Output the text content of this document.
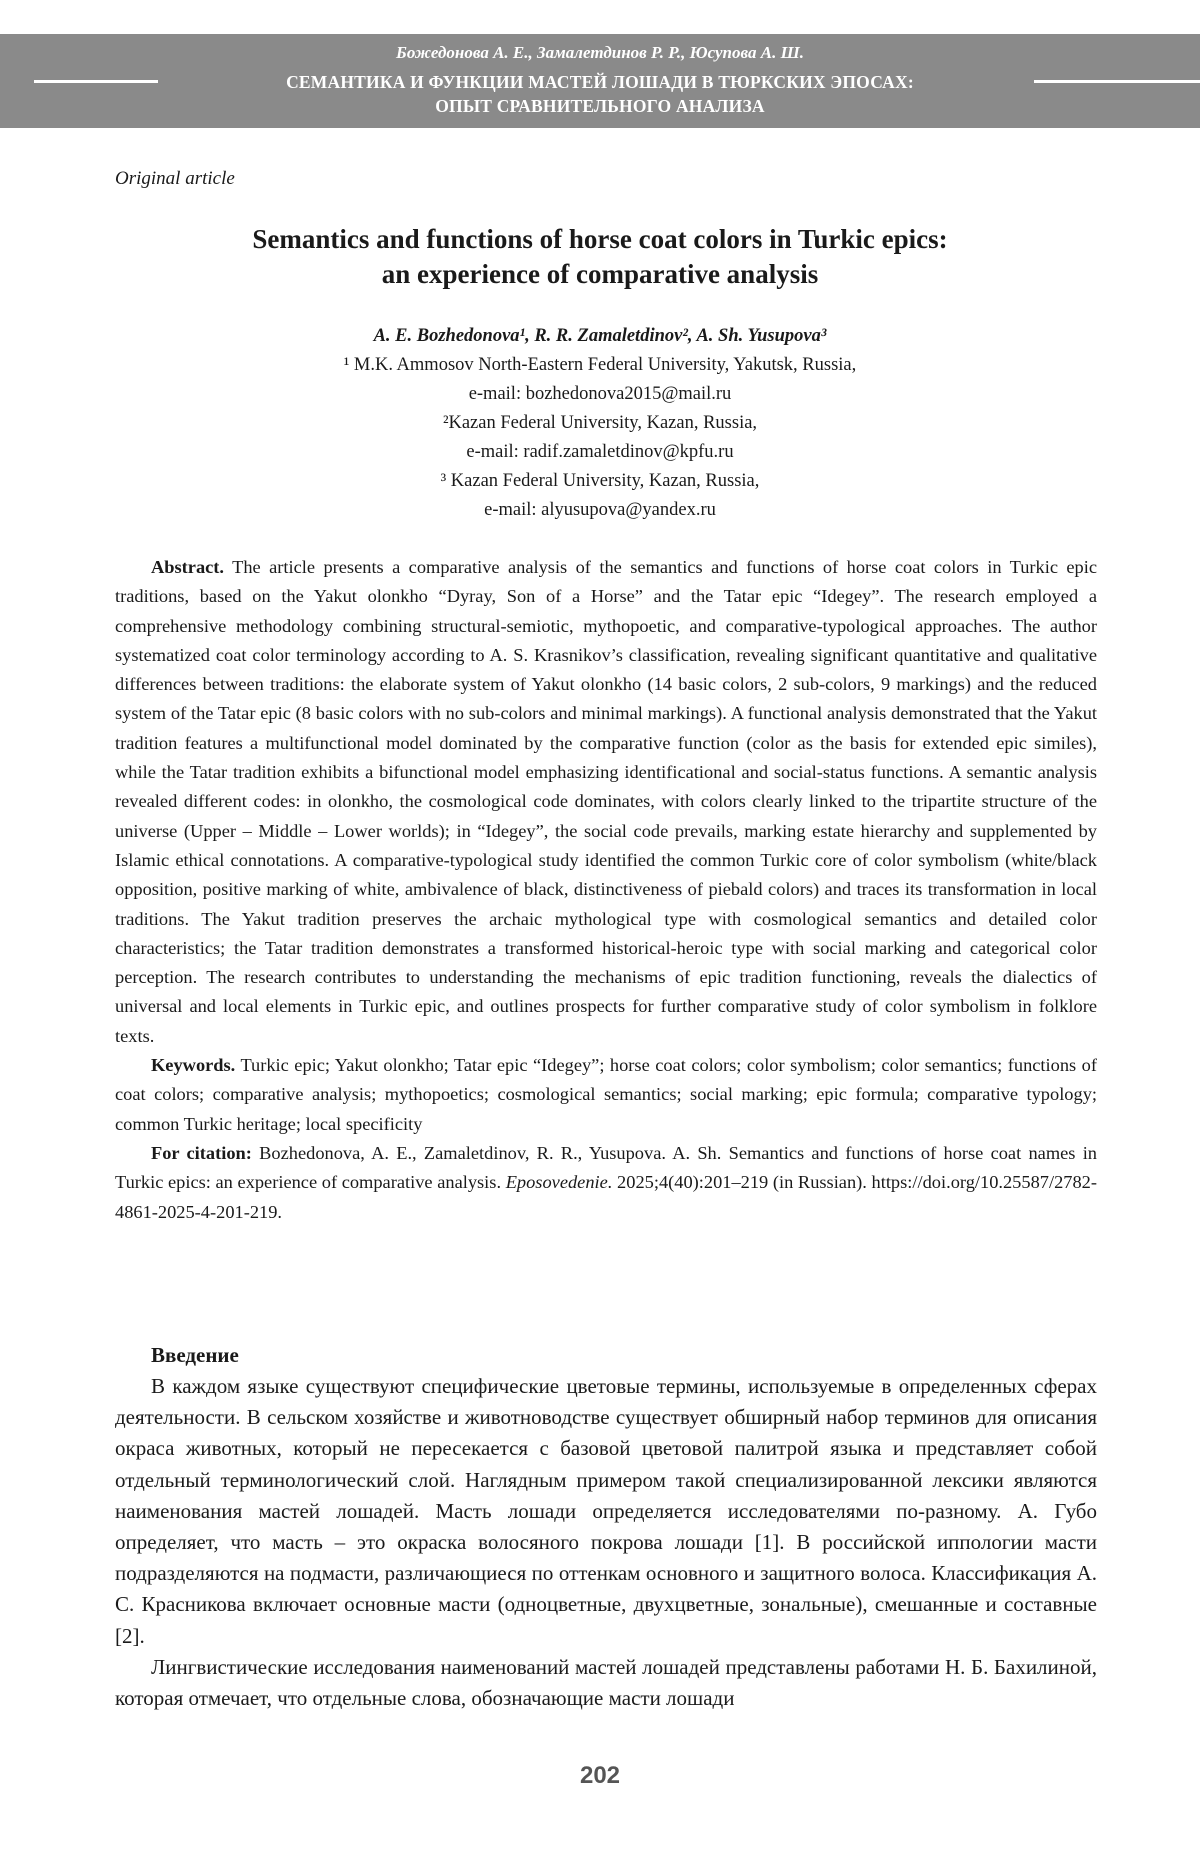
Божедонова А. Е., Замалетдинов Р. Р., Юсупова А. Ш.
СЕМАНТИКА И ФУНКЦИИ МАСТЕЙ ЛОШАДИ В ТЮРКСКИХ ЭПОСАХ:
ОПЫТ СРАВНИТЕЛЬНОГО АНАЛИЗА
Original article
Semantics and functions of horse coat colors in Turkic epics:
an experience of comparative analysis

A. E. Bozhedonova¹, R. R. Zamaletdinov², A. Sh. Yusupova³

¹ M.K. Ammosov North-Eastern Federal University, Yakutsk, Russia,

e-mail: bozhedonova2015@mail.ru

²Kazan Federal University, Kazan, Russia,

e-mail: radif.zamaletdinov@kpfu.ru

³ Kazan Federal University, Kazan, Russia,

e-mail: alyusupova@yandex.ru

Abstract. The article presents a comparative analysis of the semantics and functions of horse coat colors in Turkic epic traditions, based on the Yakut olonkho “Dyray, Son of a Horse” and the Tatar epic “Idegey”. The research employed a comprehensive methodology combining structural-semiotic, mythopoetic, and comparative-typological approaches. The author systematized coat color terminology according to A. S. Krasnikov’s classification, revealing significant quantitative and qualitative differences between traditions: the elaborate system of Yakut olonkho (14 basic colors, 2 sub-colors, 9 markings) and the reduced system of the Tatar epic (8 basic colors with no sub-colors and minimal markings). A functional analysis demonstrated that the Yakut tradition features a multifunctional model dominated by the comparative function (color as the basis for extended epic similes), while the Tatar tradition exhibits a bifunctional model emphasizing identificational and social-status functions. A semantic analysis revealed different codes: in olonkho, the cosmological code dominates, with colors clearly linked to the tripartite structure of the universe (Upper – Middle – Lower worlds); in “Idegey”, the social code prevails, marking estate hierarchy and supplemented by Islamic ethical connotations. A comparative-typological study identified the common Turkic core of color symbolism (white/black opposition, positive marking of white, ambivalence of black, distinctiveness of piebald colors) and traces its transformation in local traditions. The Yakut tradition preserves the archaic mythological type with cosmological semantics and detailed color characteristics; the Tatar tradition demonstrates a transformed historical-heroic type with social marking and categorical color perception. The research contributes to understanding the mechanisms of epic tradition functioning, reveals the dialectics of universal and local elements in Turkic epic, and outlines prospects for further comparative study of color symbolism in folklore texts.

Keywords. Turkic epic; Yakut olonkho; Tatar epic “Idegey”; horse coat colors; color symbolism; color semantics; functions of coat colors; comparative analysis; mythopoetics; cosmological semantics; social marking; epic formula; comparative typology; common Turkic heritage; local specificity

For citation: Bozhedonova, A. E., Zamaletdinov, R. R., Yusupova. A. Sh. Semantics and functions of horse coat names in Turkic epics: an experience of comparative analysis. Eposovedenie. 2025;4(40):201–219 (in Russian). https://doi.org/10.25587/2782-4861-2025-4-201-219.

Введение

В каждом языке существуют специфические цветовые термины, используемые в определенных сферах деятельности. В сельском хозяйстве и животноводстве существует обширный набор терминов для описания окраса животных, который не пересекается с базовой цветовой палитрой языка и представляет собой отдельный терминологический слой. Наглядным примером такой специализированной лексики являются наименования мастей лошадей. Масть лошади определяется исследователями по-разному. А. Губо определяет, что масть – это окраска волосяного покрова лошади [1]. В российской иппологии масти подразделяются на подмасти, различающиеся по оттенкам основного и защитного волоса. Классификация А. С. Красникова включает основные масти (одноцветные, двухцветные, зональные), смешанные и составные [2].

Лингвистические исследования наименований мастей лошадей представлены работами Н. Б. Бахилиной, которая отмечает, что отдельные слова, обозначающие масти лошади

202
